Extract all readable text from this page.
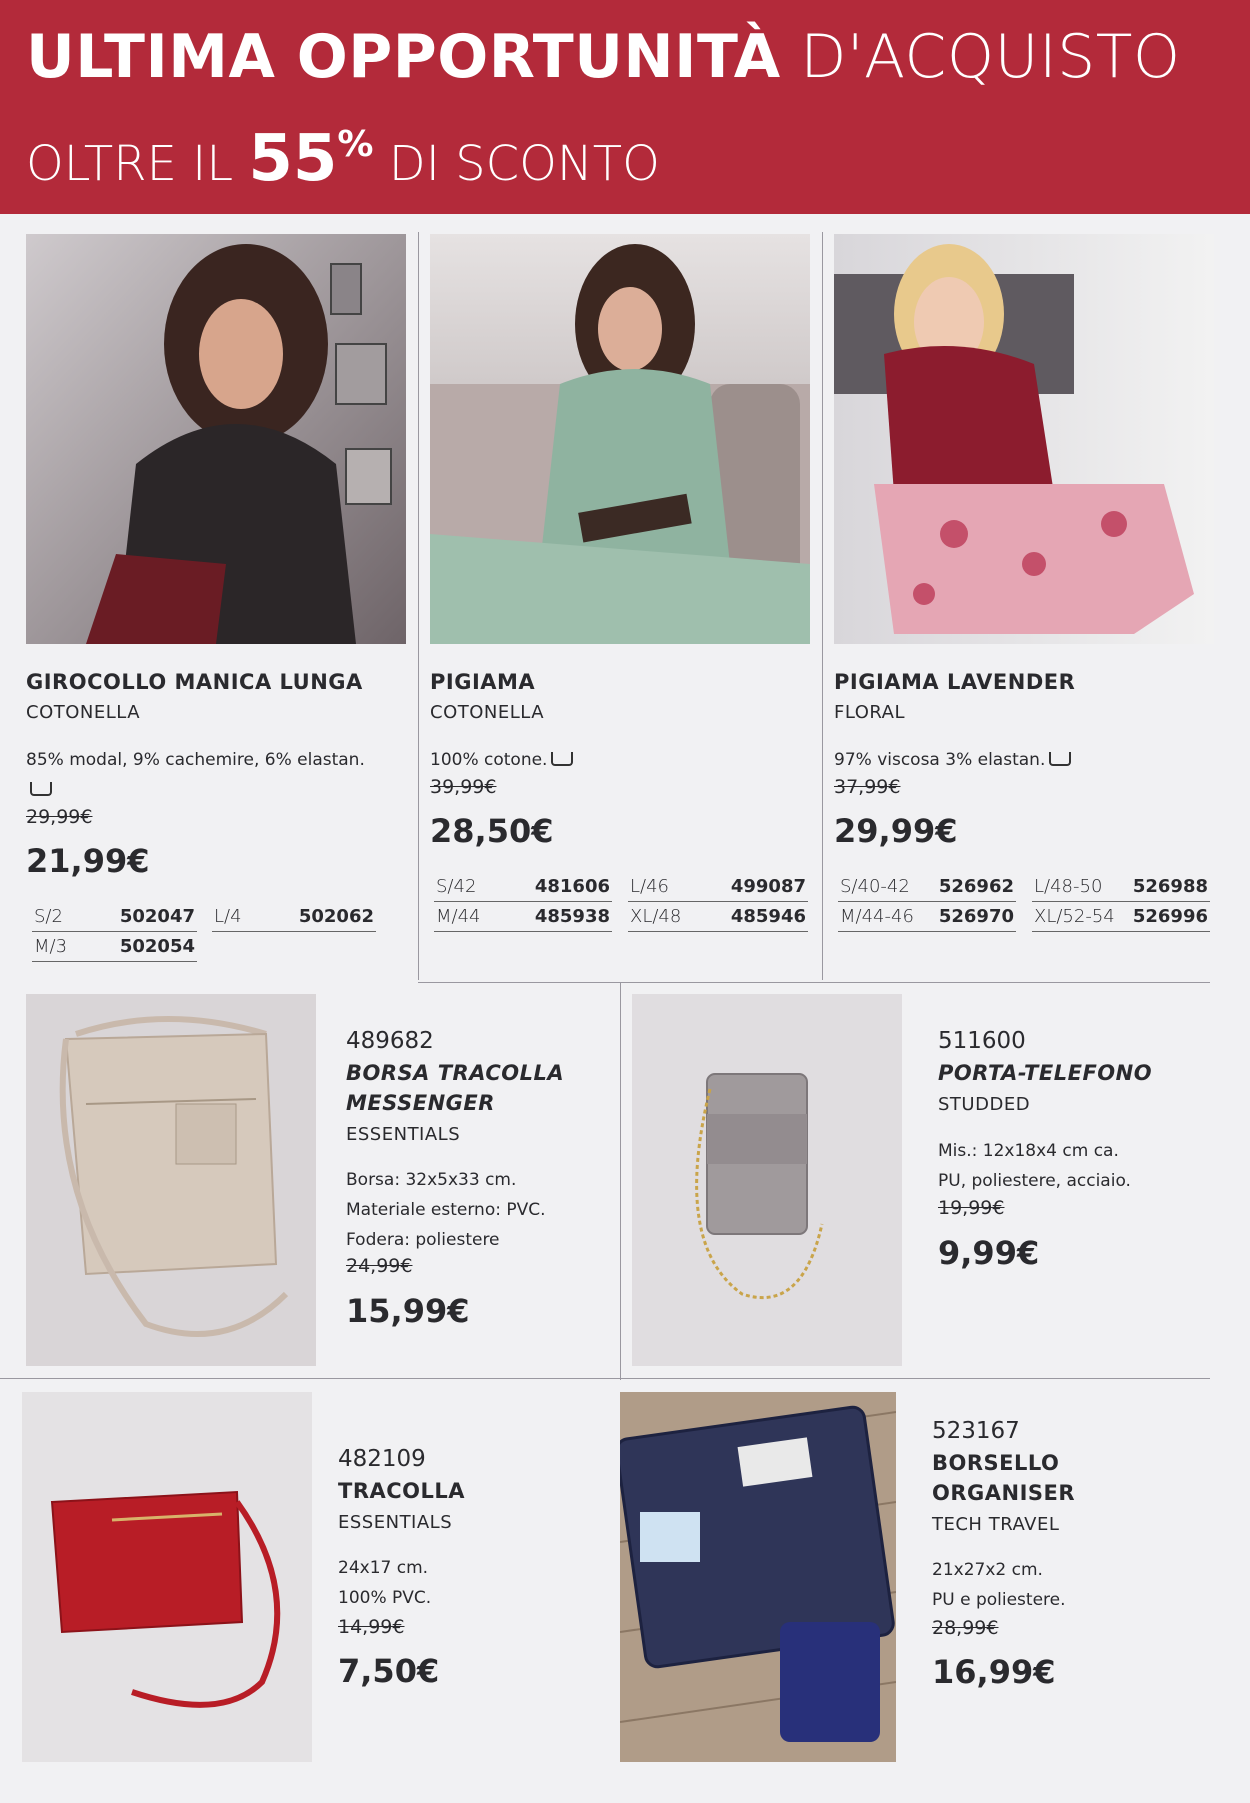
ULTIMA OPPORTUNITÀ D'ACQUISTO
OLTRE IL 55% DI SCONTO
GIROCOLLO MANICA LUNGA
COTONELLA
85% modal, 9% cachemire, 6% elastan.
29,99€
21,99€
S/2	502047 L/4	502062
M/3	502054
PIGIAMA
COTONELLA
100% cotone.
39,99€
28,50€
S/42	481606 L/46	499087
M/44	485938 XL/48	485946
PIGIAMA LAVENDER
FLORAL
97% viscosa 3% elastan.
37,99€
29,99€
S/40-42 526962 L/48-50 526988
M/44-46 526970 XL/52-54 526996
489682
BORSA TRACOLLA
MESSENGER
ESSENTIALS
Borsa: 32x5x33 cm.
Materiale esterno: PVC.
Fodera: poliestere
24,99€
15,99€
511600
PORTA-TELEFONO
STUDDED
Mis.: 12x18x4 cm ca.
PU, poliestere, acciaio.
19,99€
9,99€
482109
TRACOLLA
ESSENTIALS
24x17 cm.
100% PVC.
14,99€
7,50€
523167
BORSELLO
ORGANISER
TECH TRAVEL
21x27x2 cm.
PU e poliestere.
28,99€
16,99€
